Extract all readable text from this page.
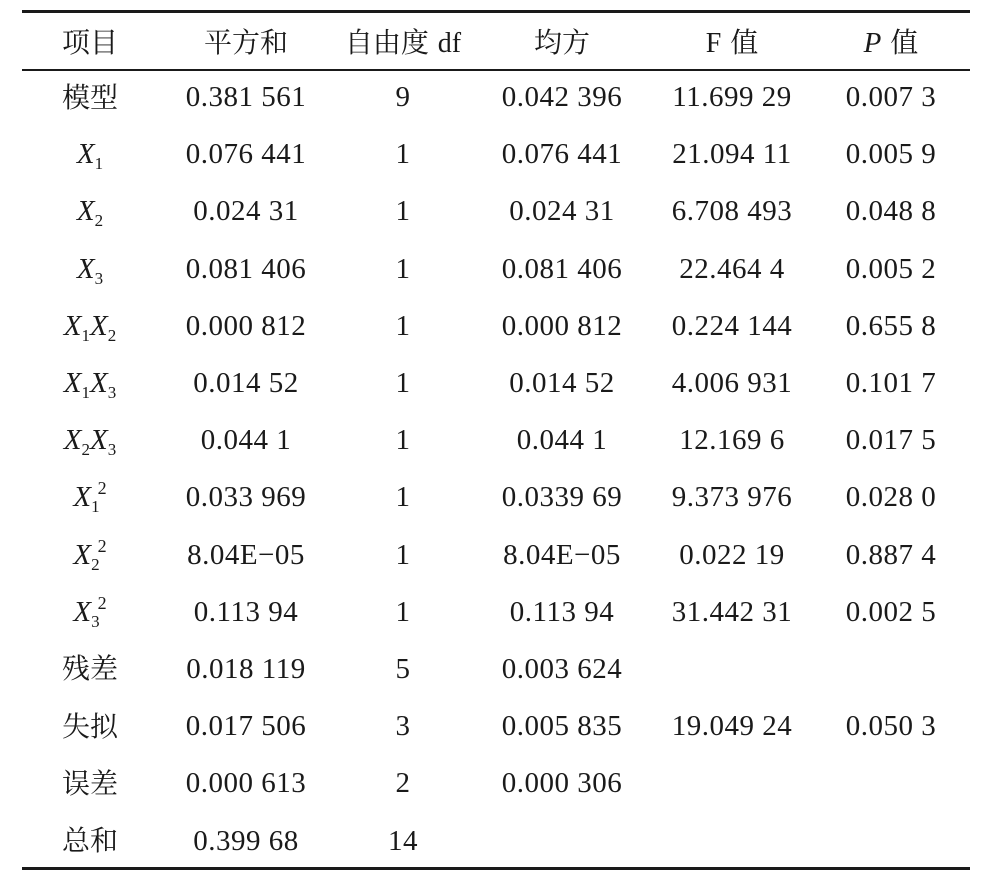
项目	平方和	自由度 df	均方	F 值	P 值
模型	0.381 561	9	0.042 396	11.699 29	0.007 3
$X_1$	0.076 441	1	0.076 441	21.094 11	0.005 9
$X_2$	0.024 31	1	0.024 31	6.708 493	0.048 8
$X_3$	0.081 406	1	0.081 406	22.464 4	0.005 2
$X_1X_2$	0.000 812	1	0.000 812	0.224 144	0.655 8
$X_1X_3$	0.014 52	1	0.014 52	4.006 931	0.101 7
$X_2X_3$	0.044 1	1	0.044 1	12.169 6	0.017 5
$X_1^2$	0.033 969	1	0.0339 69	9.373 976	0.028 0
$X_2^2$	8.04E−05	1	8.04E−05	0.022 19	0.887 4
$X_3^2$	0.113 94	1	0.113 94	31.442 31	0.002 5
残差	0.018 119	5	0.003 624		
失拟	0.017 506	3	0.005 835	19.049 24	0.050 3
误差	0.000 613	2	0.000 306		
总和	0.399 68	14			
